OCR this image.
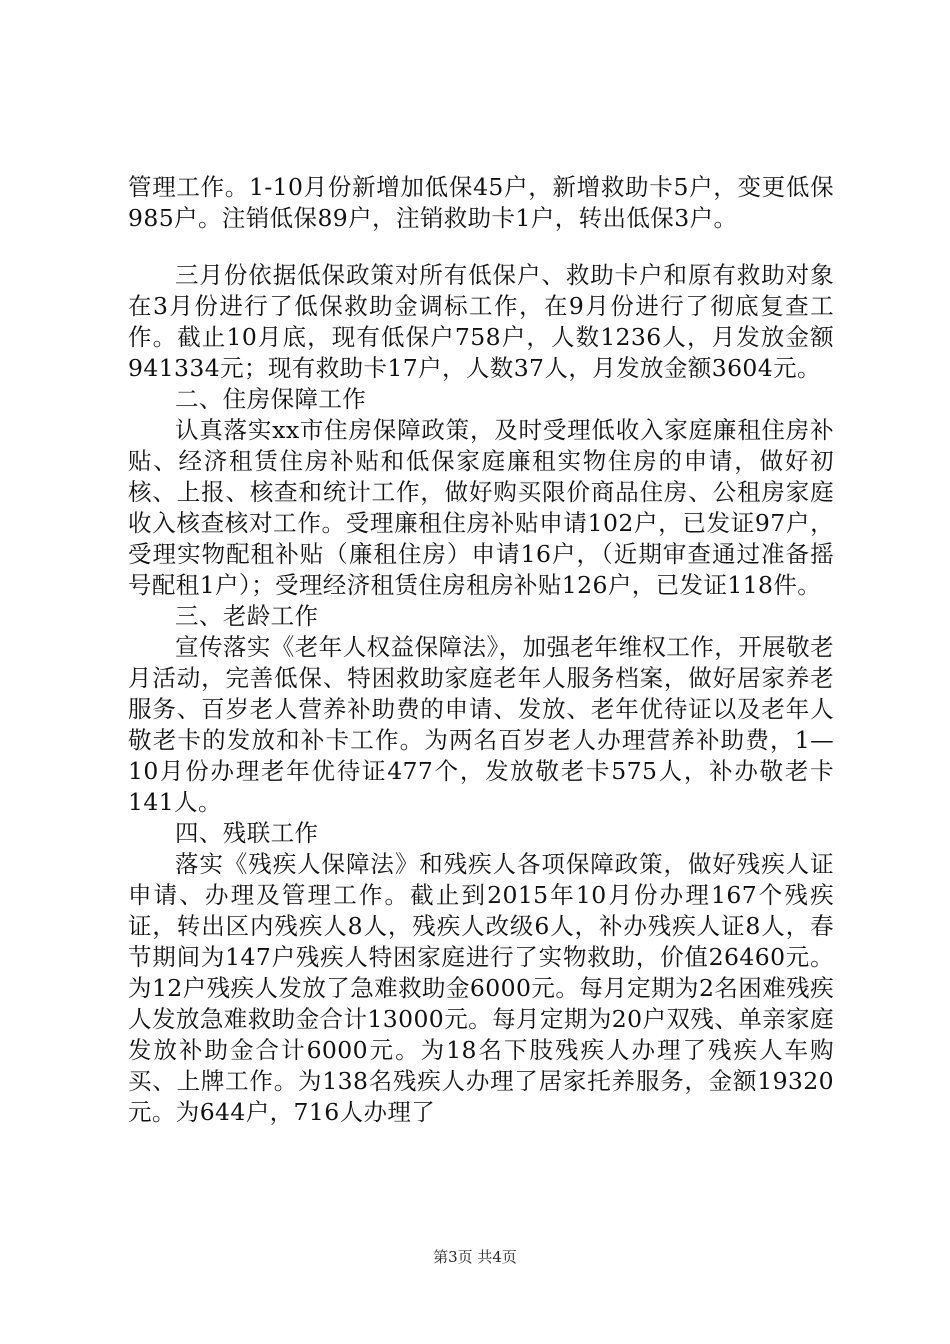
管理工作。1-10月份新增加低保45户，新增救助卡5户，变更低保985户。注销低保89户，注销救助卡1户，转出低保3户。

三月份依据低保政策对所有低保户、救助卡户和原有救助对象在3月份进行了低保救助金调标工作，在9月份进行了彻底复查工作。截止10月底，现有低保户758户，人数1236人，月发放金额941334元；现有救助卡17户，人数37人，月发放金额3604元。

二、住房保障工作

认真落实xx市住房保障政策，及时受理低收入家庭廉租住房补贴、经济租赁住房补贴和低保家庭廉租实物住房的申请，做好初核、上报、核查和统计工作，做好购买限价商品住房、公租房家庭收入核查核对工作。受理廉租住房补贴申请102户，已发证97户，受理实物配租补贴（廉租住房）申请16户，（近期审查通过准备摇号配租1户）；受理经济租赁住房租房补贴126户，已发证118件。

三、老龄工作

宣传落实《老年人权益保障法》，加强老年维权工作，开展敬老月活动，完善低保、特困救助家庭老年人服务档案，做好居家养老服务、百岁老人营养补助费的申请、发放、老年优待证以及老年人敬老卡的发放和补卡工作。为两名百岁老人办理营养补助费，1—10月份办理老年优待证477个，发放敬老卡575人，补办敬老卡141人。

四、残联工作

落实《残疾人保障法》和残疾人各项保障政策，做好残疾人证申请、办理及管理工作。截止到2015年10月份办理167个残疾证，转出区内残疾人8人，残疾人改级6人，补办残疾人证8人，春节期间为147户残疾人特困家庭进行了实物救助，价值26460元。为12户残疾人发放了急难救助金6000元。每月定期为2名困难残疾人发放急难救助金合计13000元。每月定期为20户双残、单亲家庭发放补助金合计6000元。为18名下肢残疾人办理了残疾人车购买、上牌工作。为138名残疾人办理了居家托养服务，金额19320元。为644户，716人办理了

第3页 共4页
